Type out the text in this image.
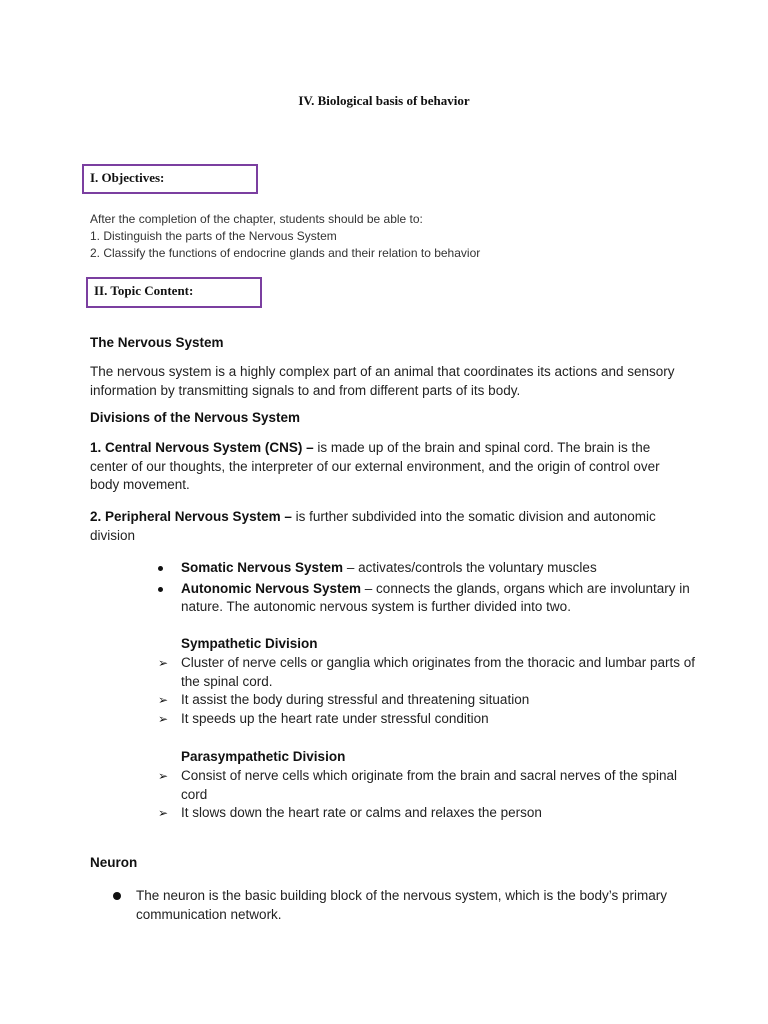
IV. Biological basis of behavior
I. Objectives:
After the completion of the chapter, students should be able to:
1. Distinguish the parts of the Nervous System
2. Classify the functions of endocrine glands and their relation to behavior
II. Topic Content:
The Nervous System
The nervous system is a highly complex part of an animal that coordinates its actions and sensory information by transmitting signals to and from different parts of its body.
Divisions of the Nervous System
1. Central Nervous System (CNS) – is made up of the brain and spinal cord. The brain is the center of our thoughts, the interpreter of our external environment, and the origin of control over body movement.
2. Peripheral Nervous System – is further subdivided into the somatic division and autonomic division
Somatic Nervous System – activates/controls the voluntary muscles
Autonomic Nervous System – connects the glands, organs which are involuntary in nature. The autonomic nervous system is further divided into two.
Sympathetic Division
➢ Cluster of nerve cells or ganglia which originates from the thoracic and lumbar parts of the spinal cord.
➢ It assist the body during stressful and threatening situation
➢ It speeds up the heart rate under stressful condition
Parasympathetic Division
➢ Consist of nerve cells which originate from the brain and sacral nerves of the spinal cord
➢ It slows down the heart rate or calms and relaxes the person
Neuron
The neuron is the basic building block of the nervous system, which is the body’s primary communication network.
